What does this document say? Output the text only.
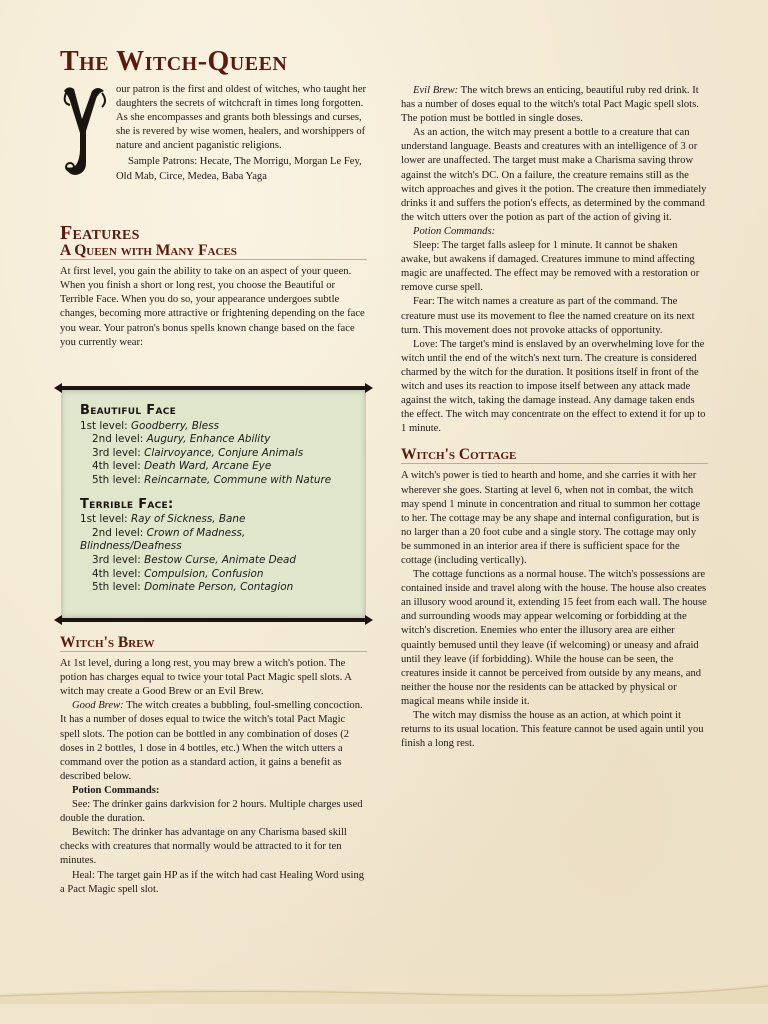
The Witch-Queen

our patron is the first and oldest of witches, who taught her daughters the secrets of witchcraft in times long forgotten. As she encompasses and grants both blessings and curses, she is revered by wise women, healers, and worshippers of nature and ancient paganistic religions.

Sample Patrons: Hecate, The Morrigu, Morgan Le Fey, Old Mab, Circe, Medea, Baba Yaga

Features
A Queen with Many Faces

At first level, you gain the ability to take on an aspect of your queen. When you finish a short or long rest, you choose the Beautiful or Terrible Face. When you do so, your appearance undergoes subtle changes, becoming more attractive or frightening depending on the face you wear. Your patron's bonus spells known change based on the face you currently wear:

Beautiful Face

1st level: Goodberry, Bless

2nd level: Augury, Enhance Ability

3rd level: Clairvoyance, Conjure Animals

4th level: Death Ward, Arcane Eye

5th level: Reincarnate, Commune with Nature

Terrible Face:

1st level: Ray of Sickness, Bane

2nd level: Crown of Madness,

Blindness/Deafness

3rd level: Bestow Curse, Animate Dead

4th level: Compulsion, Confusion

5th level: Dominate Person, Contagion

Witch's Brew

At 1st level, during a long rest, you may brew a witch's potion. The potion has charges equal to twice your total Pact Magic spell slots. A witch may create a Good Brew or an Evil Brew.

Good Brew: The witch creates a bubbling, foul-smelling concoction. It has a number of doses equal to twice the witch's total Pact Magic spell slots. The potion can be bottled in any combination of doses (2 doses in 2 bottles, 1 dose in 4 bottles, etc.) When the witch utters a command over the potion as a standard action, it gains a benefit as described below.

Potion Commands:

See: The drinker gains darkvision for 2 hours. Multiple charges used double the duration.

Bewitch: The drinker has advantage on any Charisma based skill checks with creatures that normally would be attracted to it for ten minutes.

Heal: The target gain HP as if the witch had cast Healing Word using a Pact Magic spell slot.

Evil Brew: The witch brews an enticing, beautiful ruby red drink. It has a number of doses equal to the witch's total Pact Magic spell slots. The potion must be bottled in single doses.

As an action, the witch may present a bottle to a creature that can understand language. Beasts and creatures with an intelligence of 3 or lower are unaffected. The target must make a Charisma saving throw against the witch's DC. On a failure, the creature remains still as the witch approaches and gives it the potion. The creature then immediately drinks it and suffers the potion's effects, as determined by the command the witch utters over the potion as part of the action of giving it.

Potion Commands:

Sleep: The target falls asleep for 1 minute. It cannot be shaken awake, but awakens if damaged. Creatures immune to mind affecting magic are unaffected. The effect may be removed with a restoration or remove curse spell.

Fear: The witch names a creature as part of the command. The creature must use its movement to flee the named creature on its next turn. This movement does not provoke attacks of opportunity.

Love: The target's mind is enslaved by an overwhelming love for the witch until the end of the witch's next turn. The creature is considered charmed by the witch for the duration. It positions itself in front of the witch and uses its reaction to impose itself between any attack made against the witch, taking the damage instead. Any damage taken ends the effect. The witch may concentrate on the effect to extend it for up to 1 minute.

Witch's Cottage

A witch's power is tied to hearth and home, and she carries it with her wherever she goes. Starting at level 6, when not in combat, the witch may spend 1 minute in concentration and ritual to summon her cottage to her. The cottage may be any shape and internal configuration, but is no larger than a 20 foot cube and a single story. The cottage may only be summoned in an interior area if there is sufficient space for the cottage (including vertically).

The cottage functions as a normal house. The witch's possessions are contained inside and travel along with the house. The house also creates an illusory wood around it, extending 15 feet from each wall. The house and surrounding woods may appear welcoming or forbidding at the witch's discretion. Enemies who enter the illusory area are either quaintly bemused until they leave (if welcoming) or uneasy and afraid until they leave (if forbidding). While the house can be seen, the creatures inside it cannot be perceived from outside by any means, and neither the house nor the residents can be attacked by physical or magical means while inside it.

The witch may dismiss the house as an action, at which point it returns to its usual location. This feature cannot be used again until you finish a long rest.
